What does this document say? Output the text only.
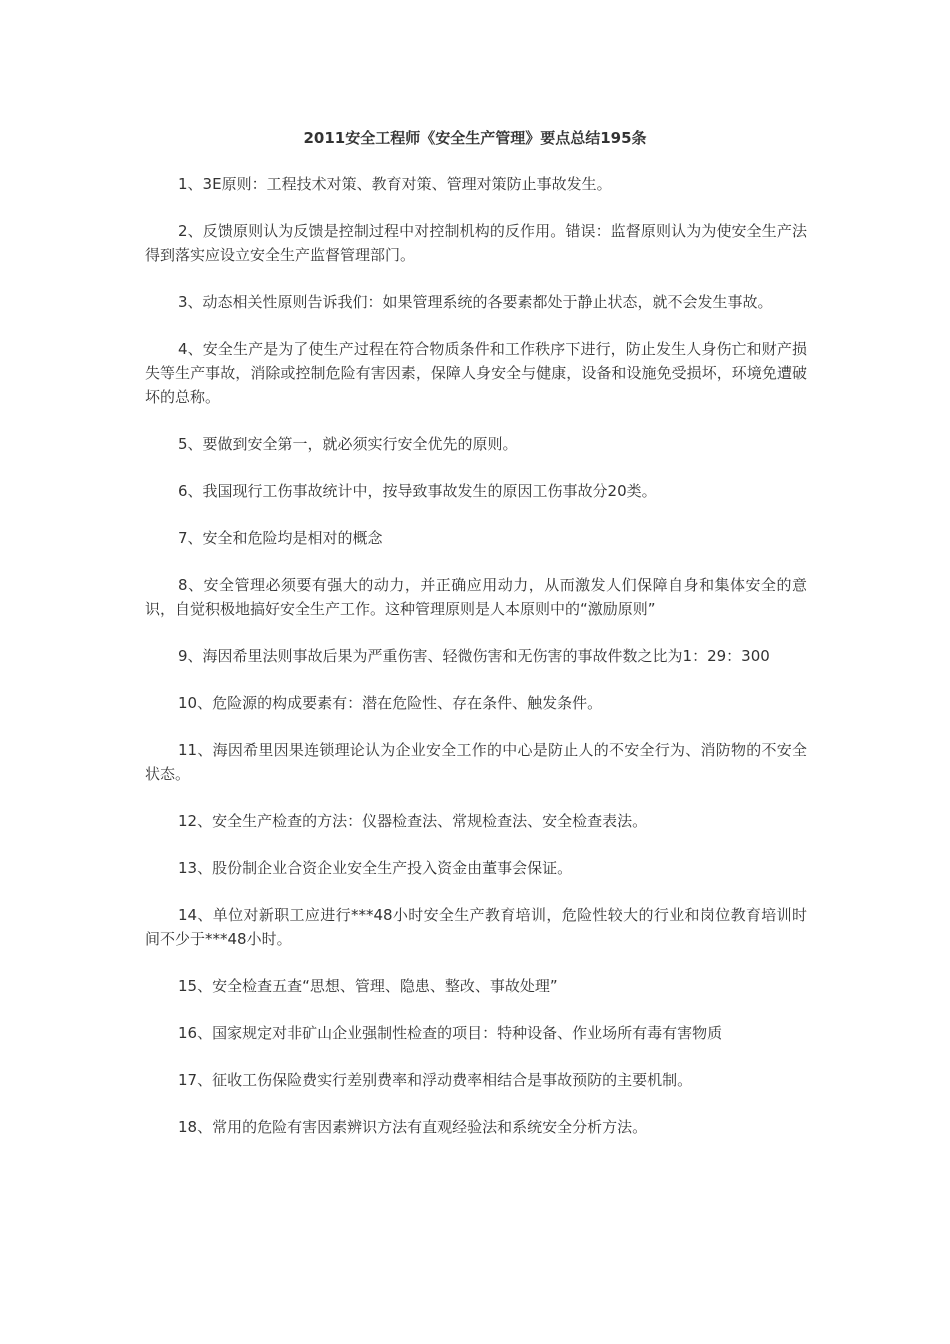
2011安全工程师《安全生产管理》要点总结195条

1、3E原则：工程技术对策、教育对策、管理对策防止事故发生。

2、反馈原则认为反馈是控制过程中对控制机构的反作用。错误：监督原则认为为使安全生产法得到落实应设立安全生产监督管理部门。

3、动态相关性原则告诉我们：如果管理系统的各要素都处于静止状态，就不会发生事故。

4、安全生产是为了使生产过程在符合物质条件和工作秩序下进行，防止发生人身伤亡和财产损失等生产事故，消除或控制危险有害因素，保障人身安全与健康，设备和设施免受损坏，环境免遭破坏的总称。

5、要做到安全第一，就必须实行安全优先的原则。

6、我国现行工伤事故统计中，按导致事故发生的原因工伤事故分20类。

7、安全和危险均是相对的概念

8、安全管理必须要有强大的动力，并正确应用动力，从而激发人们保障自身和集体安全的意识，自觉积极地搞好安全生产工作。这种管理原则是人本原则中的“激励原则”

9、海因希里法则事故后果为严重伤害、轻微伤害和无伤害的事故件数之比为1：29：300

10、危险源的构成要素有：潜在危险性、存在条件、触发条件。

11、海因希里因果连锁理论认为企业安全工作的中心是防止人的不安全行为、消防物的不安全状态。

12、安全生产检查的方法：仪器检查法、常规检查法、安全检查表法。

13、股份制企业合资企业安全生产投入资金由董事会保证。

14、单位对新职工应进行***48小时安全生产教育培训，危险性较大的行业和岗位教育培训时间不少于***48小时。

15、安全检查五查“思想、管理、隐患、整改、事故处理”

16、国家规定对非矿山企业强制性检查的项目：特种设备、作业场所有毒有害物质

17、征收工伤保险费实行差别费率和浮动费率相结合是事故预防的主要机制。

18、常用的危险有害因素辨识方法有直观经验法和系统安全分析方法。
